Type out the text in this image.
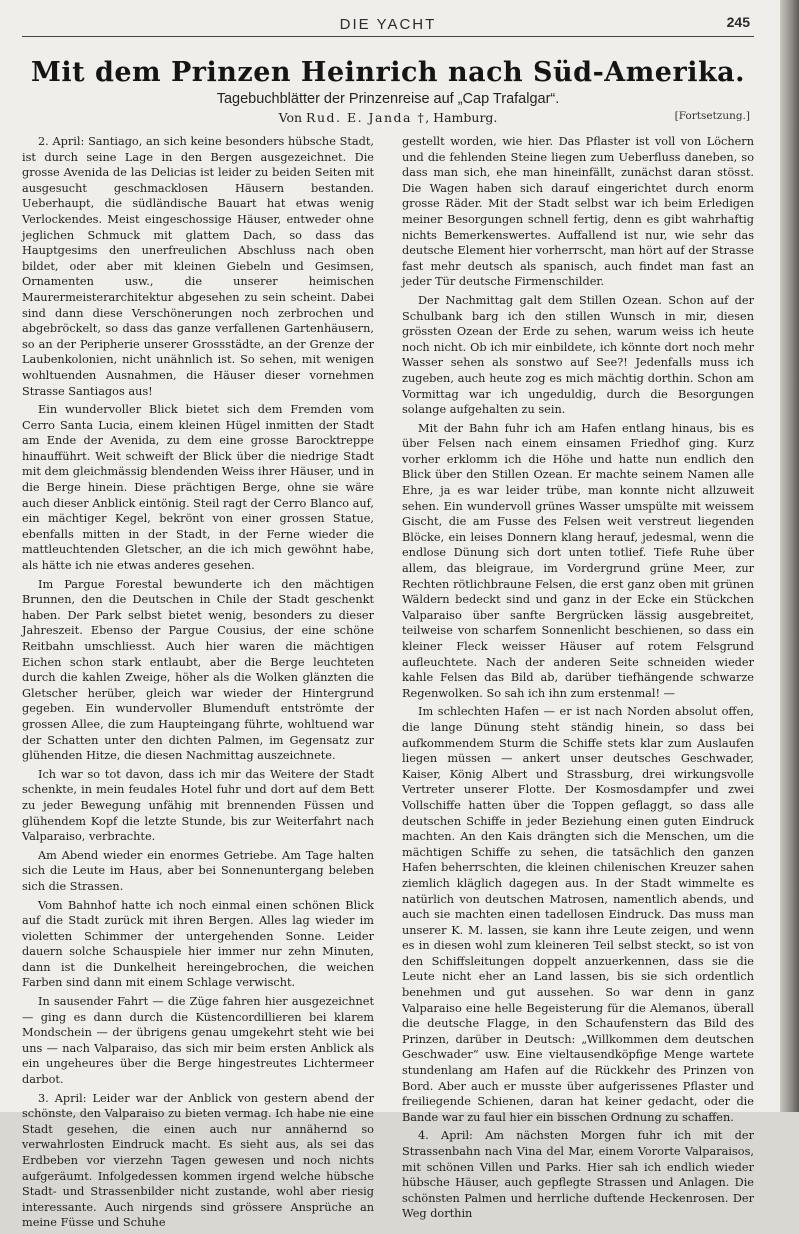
DIE YACHT	245
Mit dem Prinzen Heinrich nach Süd-Amerika.
Tagebuchblätter der Prinzenreise auf „Cap Trafalgar“.
Von Rud. E. Janda †, Hamburg.	[Fortsetzung.]

2. April: Santiago, an sich keine besonders hübsche Stadt, ist durch seine Lage in den Bergen ausgezeichnet. Die grosse Avenida de las Delicias ist leider zu beiden Seiten mit ausgesucht geschmacklosen Häusern bestanden. Ueberhaupt, die südländische Bauart hat etwas wenig Verlockendes. Meist eingeschossige Häuser, entweder ohne jeglichen Schmuck mit glattem Dach, so dass das Hauptgesims den unerfreulichen Abschluss nach oben bildet, oder aber mit kleinen Giebeln und Gesimsen, Ornamenten usw., die unserer heimischen Maurermeisterarchitektur abgesehen zu sein scheint. Dabei sind dann diese Verschönerungen noch zerbrochen und abgebröckelt, so dass das ganze verfallenen Gartenhäusern, so an der Peripherie unserer Grossstädte, an der Grenze der Laubenkolonien, nicht unähnlich ist. So sehen, mit wenigen wohltuenden Ausnahmen, die Häuser dieser vornehmen Strasse Santiagos aus!

Ein wundervoller Blick bietet sich dem Fremden vom Cerro Santa Lucia, einem kleinen Hügel inmitten der Stadt am Ende der Avenida, zu dem eine grosse Barocktreppe hinaufführt. Weit schweift der Blick über die niedrige Stadt mit dem gleichmässig blendenden Weiss ihrer Häuser, und in die Berge hinein. Diese prächtigen Berge, ohne sie wäre auch dieser Anblick eintönig. Steil ragt der Cerro Blanco auf, ein mächtiger Kegel, bekrönt von einer grossen Statue, ebenfalls mitten in der Stadt, in der Ferne wieder die mattleuchtenden Gletscher, an die ich mich gewöhnt habe, als hätte ich nie etwas anderes gesehen.

Im Pargue Forestal bewunderte ich den mächtigen Brunnen, den die Deutschen in Chile der Stadt geschenkt haben. Der Park selbst bietet wenig, besonders zu dieser Jahreszeit. Ebenso der Pargue Cousius, der eine schöne Reitbahn umschliesst. Auch hier waren die mächtigen Eichen schon stark entlaubt, aber die Berge leuchteten durch die kahlen Zweige, höher als die Wolken glänzten die Gletscher herüber, gleich war wieder der Hintergrund gegeben. Ein wundervoller Blumenduft entströmte der grossen Allee, die zum Haupteingang führte, wohltuend war der Schatten unter den dichten Palmen, im Gegensatz zur glühenden Hitze, die diesen Nachmittag auszeichnete.

Ich war so tot davon, dass ich mir das Weitere der Stadt schenkte, in mein feudales Hotel fuhr und dort auf dem Bett zu jeder Bewegung unfähig mit brennenden Füssen und glühendem Kopf die letzte Stunde, bis zur Weiterfahrt nach Valparaiso, verbrachte.

Am Abend wieder ein enormes Getriebe. Am Tage halten sich die Leute im Haus, aber bei Sonnenuntergang beleben sich die Strassen.

Vom Bahnhof hatte ich noch einmal einen schönen Blick auf die Stadt zurück mit ihren Bergen. Alles lag wieder im violetten Schimmer der untergehenden Sonne. Leider dauern solche Schauspiele hier immer nur zehn Minuten, dann ist die Dunkelheit hereingebrochen, die weichen Farben sind dann mit einem Schlage verwischt.

In sausender Fahrt — die Züge fahren hier ausgezeichnet — ging es dann durch die Küstencordillieren bei klarem Mondschein — der übrigens genau umgekehrt steht wie bei uns — nach Valparaiso, das sich mir beim ersten Anblick als ein ungeheures über die Berge hingestreutes Lichtermeer darbot.

3. April: Leider war der Anblick von gestern abend der schönste, den Valparaiso zu bieten vermag. Ich habe nie eine Stadt gesehen, die einen auch nur annähernd so verwahrlosten Eindruck macht. Es sieht aus, als sei das Erdbeben vor vierzehn Tagen gewesen und noch nichts aufgeräumt. Infolgedessen kommen irgend welche hübsche Stadt- und Strassenbilder nicht zustande, wohl aber riesig interessante. Auch nirgends sind grössere Ansprüche an meine Füsse und Schuhe

gestellt worden, wie hier. Das Pflaster ist voll von Löchern und die fehlenden Steine liegen zum Ueberfluss daneben, so dass man sich, ehe man hineinfällt, zunächst daran stösst. Die Wagen haben sich darauf eingerichtet durch enorm grosse Räder. Mit der Stadt selbst war ich beim Erledigen meiner Besorgungen schnell fertig, denn es gibt wahrhaftig nichts Bemerkenswertes. Auffallend ist nur, wie sehr das deutsche Element hier vorherrscht, man hört auf der Strasse fast mehr deutsch als spanisch, auch findet man fast an jeder Tür deutsche Firmenschilder.

Der Nachmittag galt dem Stillen Ozean. Schon auf der Schulbank barg ich den stillen Wunsch in mir, diesen grössten Ozean der Erde zu sehen, warum weiss ich heute noch nicht. Ob ich mir einbildete, ich könnte dort noch mehr Wasser sehen als sonstwo auf See?! Jedenfalls muss ich zugeben, auch heute zog es mich mächtig dorthin. Schon am Vormittag war ich ungeduldig, durch die Besorgungen solange aufgehalten zu sein.

Mit der Bahn fuhr ich am Hafen entlang hinaus, bis es über Felsen nach einem einsamen Friedhof ging. Kurz vorher erklomm ich die Höhe und hatte nun endlich den Blick über den Stillen Ozean. Er machte seinem Namen alle Ehre, ja es war leider trübe, man konnte nicht allzuweit sehen. Ein wundervoll grünes Wasser umspülte mit weissem Gischt, die am Fusse des Felsen weit verstreut liegenden Blöcke, ein leises Donnern klang herauf, jedesmal, wenn die endlose Dünung sich dort unten totlief. Tiefe Ruhe über allem, das bleigraue, im Vordergrund grüne Meer, zur Rechten rötlichbraune Felsen, die erst ganz oben mit grünen Wäldern bedeckt sind und ganz in der Ecke ein Stückchen Valparaiso über sanfte Bergrücken lässig ausgebreitet, teilweise von scharfem Sonnenlicht beschienen, so dass ein kleiner Fleck weisser Häuser auf rotem Felsgrund aufleuchtete. Nach der anderen Seite schneiden wieder kahle Felsen das Bild ab, darüber tiefhängende schwarze Regenwolken. So sah ich ihn zum erstenmal! —

Im schlechten Hafen — er ist nach Norden absolut offen, die lange Dünung steht ständig hinein, so dass bei aufkommendem Sturm die Schiffe stets klar zum Auslaufen liegen müssen — ankert unser deutsches Geschwader, Kaiser, König Albert und Strassburg, drei wirkungsvolle Vertreter unserer Flotte. Der Kosmosdampfer und zwei Vollschiffe hatten über die Toppen geflaggt, so dass alle deutschen Schiffe in jeder Beziehung einen guten Eindruck machten. An den Kais drängten sich die Menschen, um die mächtigen Schiffe zu sehen, die tatsächlich den ganzen Hafen beherrschten, die kleinen chilenischen Kreuzer sahen ziemlich kläglich dagegen aus. In der Stadt wimmelte es natürlich von deutschen Matrosen, namentlich abends, und auch sie machten einen tadellosen Eindruck. Das muss man unserer K. M. lassen, sie kann ihre Leute zeigen, und wenn es in diesen wohl zum kleineren Teil selbst steckt, so ist von den Schiffsleitungen doppelt anzuerkennen, dass sie die Leute nicht eher an Land lassen, bis sie sich ordentlich benehmen und gut aussehen. So war denn in ganz Valparaiso eine helle Begeisterung für die Alemanos, überall die deutsche Flagge, in den Schaufenstern das Bild des Prinzen, darüber in Deutsch: „Willkommen dem deutschen Geschwader“ usw. Eine vieltausendköpfige Menge wartete stundenlang am Hafen auf die Rückkehr des Prinzen von Bord. Aber auch er musste über aufgerissenes Pflaster und freiliegende Schienen, daran hat keiner gedacht, oder die Bande war zu faul hier ein bisschen Ordnung zu schaffen.

4. April: Am nächsten Morgen fuhr ich mit der Strassenbahn nach Vina del Mar, einem Vororte Valparaisos, mit schönen Villen und Parks. Hier sah ich endlich wieder hübsche Häuser, auch gepflegte Strassen und Anlagen. Die schönsten Palmen und herrliche duftende Heckenrosen. Der Weg dorthin
